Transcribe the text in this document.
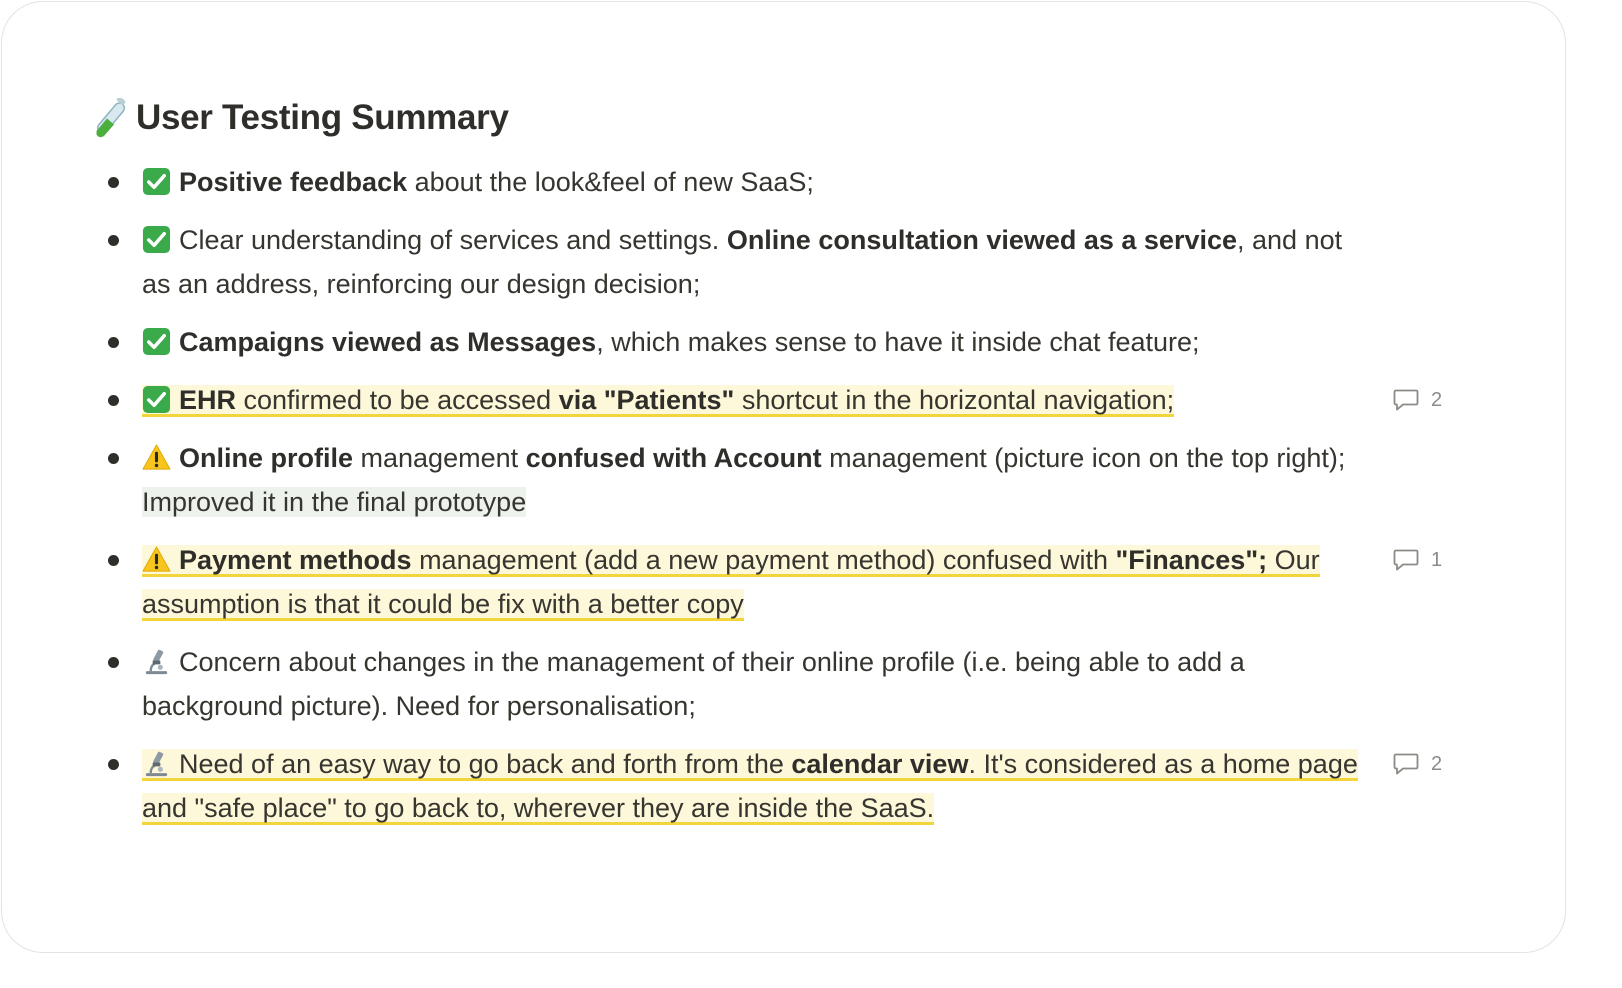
User Testing Summary
Positive feedback about the look&feel of new SaaS;
Clear understanding of services and settings. Online consultation viewed as a service, and not as an address, reinforcing our design decision;
Campaigns viewed as Messages, which makes sense to have it inside chat feature;
EHR confirmed to be accessed via "Patients" shortcut in the horizontal navigation;	2
Online profile management confused with Account management (picture icon on the top right); Improved it in the final prototype
Payment methods management (add a new payment method) confused with "Finances"; Our assumption is that it could be fix with a better copy
1
Concern about changes in the management of their online profile (i.e. being able to add a background picture). Need for personalisation;
Need of an easy way to go back and forth from the calendar view. It's considered as a home page and "safe place" to go back to, wherever they are inside the SaaS.
2
